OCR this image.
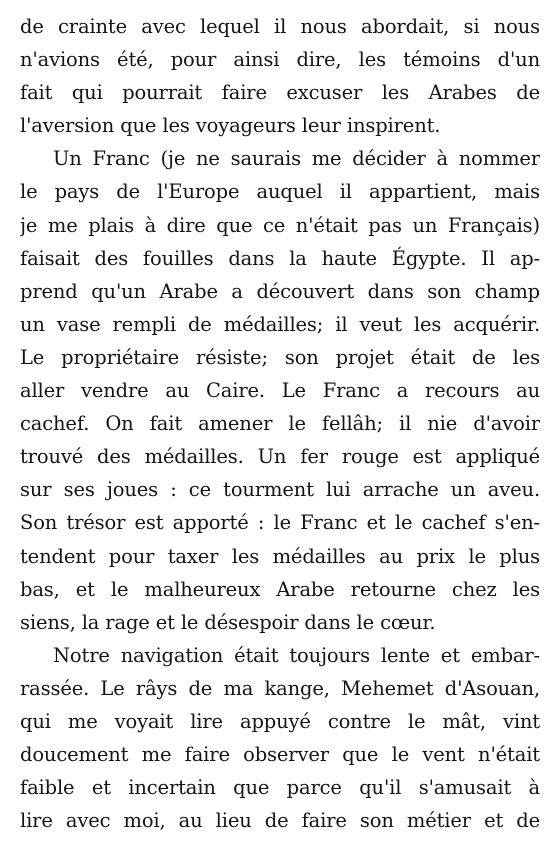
de crainte avec lequel il nous abordait, si nous
n'avions été, pour ainsi dire, les témoins d'un
fait qui pourrait faire excuser les Arabes de
l'aversion que les voyageurs leur inspirent.
Un Franc (je ne saurais me décider à nommer
le pays de l'Europe auquel il appartient, mais
je me plais à dire que ce n'était pas un Français)
faisait des fouilles dans la haute Égypte. Il ap-
prend qu'un Arabe a découvert dans son champ
un vase rempli de médailles; il veut les acquérir.
Le propriétaire résiste; son projet était de les
aller vendre au Caire. Le Franc a recours au
cachef. On fait amener le fellâh; il nie d'avoir
trouvé des médailles. Un fer rouge est appliqué
sur ses joues : ce tourment lui arrache un aveu.
Son trésor est apporté : le Franc et le cachef s'en-
tendent pour taxer les médailles au prix le plus
bas, et le malheureux Arabe retourne chez les
siens, la rage et le désespoir dans le cœur.
Notre navigation était toujours lente et embar-
rassée. Le râys de ma kange, Mehemet d'Asouan,
qui me voyait lire appuyé contre le mât, vint
doucement me faire observer que le vent n'était
faible et incertain que parce qu'il s'amusait à
lire avec moi, au lieu de faire son métier et de
